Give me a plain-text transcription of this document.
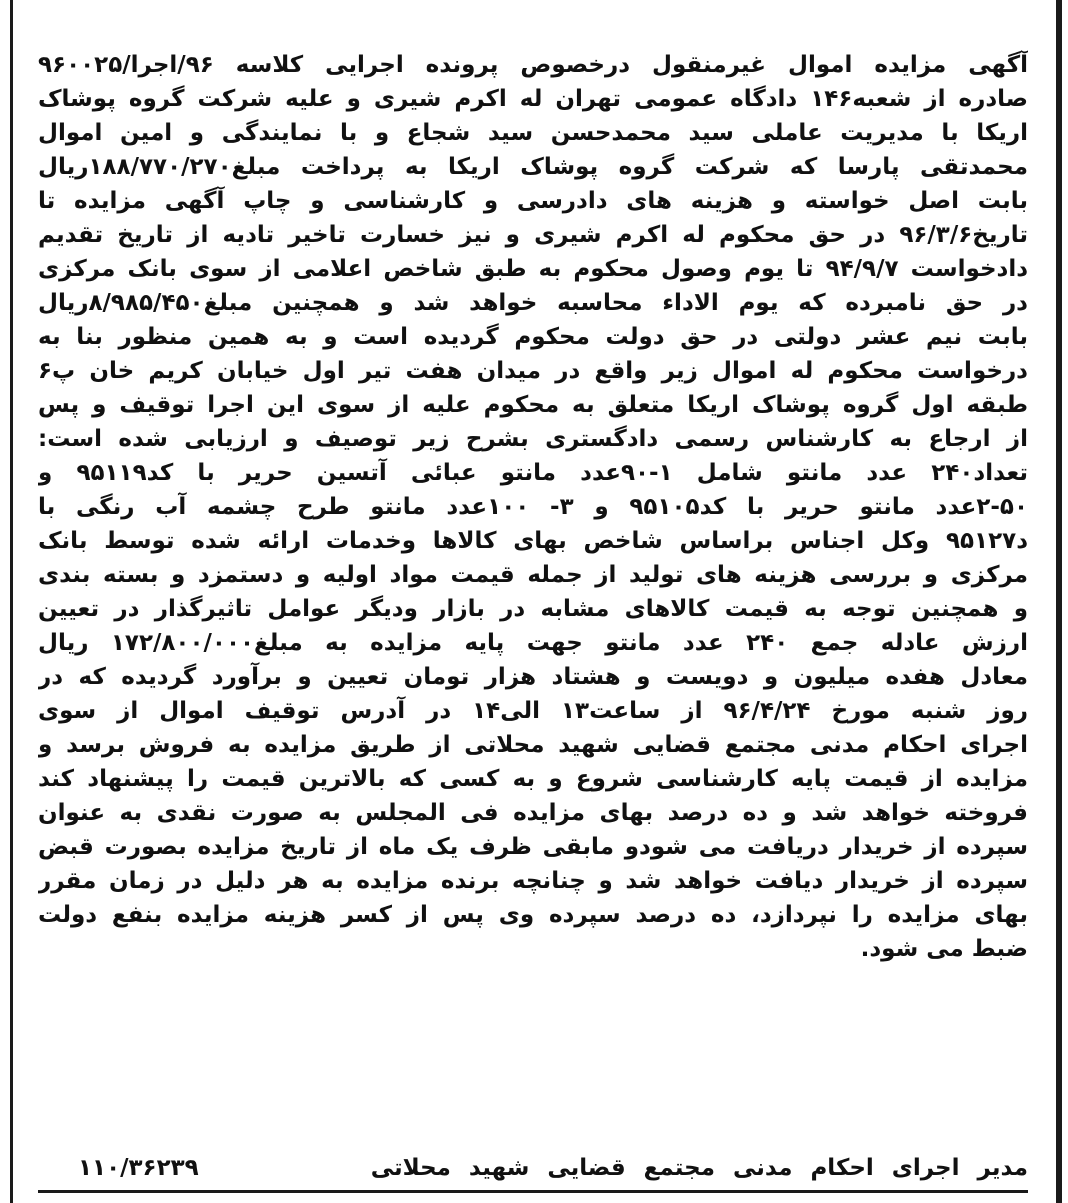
آگهی مزایده اموال غیرمنقول درخصوص پرونده اجرایی کلاسه ۹۶/اجرا/۹۶۰۰۲۵
صادره از شعبه۱۴۶ دادگاه عمومی تهران له اکرم شیری و علیه شرکت گروه پوشاک
اریکا با مدیریت عاملی سید محمدحسن سید شجاع و با نمایندگی و امین اموال
محمدتقی پارسا که شرکت گروه پوشاک اریکا به پرداخت مبلغ۱۸۸/۷۷۰/۲۷۰ریال
بابت اصل خواسته و هزینه های دادرسی و کارشناسی و چاپ آگهی مزایده تا
تاریخ۹۶/۳/۶ در حق محکوم له اکرم شیری و نیز خسارت تاخیر تادیه از تاریخ تقدیم
دادخواست ۹۴/۹/۷ تا یوم وصول محکوم به طبق شاخص اعلامی از سوی بانک مرکزی
در حق نامبرده که یوم الاداء محاسبه خواهد شد و همچنین مبلغ۸/۹۸۵/۴۵۰ریال
بابت نیم عشر دولتی در حق دولت محکوم گردیده است و به همین منظور بنا به
درخواست محکوم له اموال زیر واقع در میدان هفت تیر اول خیابان کریم خان پ۶
طبقه اول گروه پوشاک اریکا متعلق به محکوم علیه از سوی این اجرا توقیف و پس
از ارجاع به کارشناس رسمی دادگستری بشرح زیر توصیف و ارزیابی شده است:
تعداد۲۴۰ عدد مانتو شامل ۱-۹۰عدد مانتو عبائی آتسین حریر با کد۹۵۱۱۹ و
۲-۵۰عدد مانتو حریر با کد۹۵۱۰۵ و ۳- ۱۰۰عدد مانتو طرح چشمه آب رنگی با
د۹۵۱۲۷ وکل اجناس براساس شاخص بهای کالاها وخدمات ارائه شده توسط بانک
مرکزی و بررسی هزینه های تولید از جمله قیمت مواد اولیه و دستمزد و بسته بندی
و همچنین توجه به قیمت کالاهای مشابه در بازار ودیگر عوامل تاثیرگذار در تعیین
ارزش عادله جمع ۲۴۰ عدد مانتو جهت پایه مزایده به مبلغ۱۷۲/۸۰۰/۰۰۰ ریال
معادل هفده میلیون و دویست و هشتاد هزار تومان تعیین و برآورد گردیده که در
روز شنبه مورخ ۹۶/۴/۲۴ از ساعت۱۳ الی۱۴ در آدرس توقیف اموال از سوی
اجرای احکام مدنی مجتمع قضایی شهید محلاتی از طریق مزایده به فروش برسد و
مزایده از قیمت پایه کارشناسی شروع و به کسی که بالاترین قیمت را پیشنهاد کند
فروخته خواهد شد و ده درصد بهای مزایده فی المجلس به صورت نقدی به عنوان
سپرده از خریدار دریافت می شودو مابقی ظرف یک ماه از تاریخ مزایده بصورت قبض
سپرده از خریدار دیافت خواهد شد و چنانچه برنده مزایده به هر دلیل در زمان مقرر
بهای مزایده را نپردازد، ده درصد سپرده وی پس از کسر هزینه مزایده بنفع دولت
ضبط می شود.
مدیر اجرای احکام مدنی مجتمع قضایی شهید محلاتی
۱۱۰/۳۶۲۳۹
